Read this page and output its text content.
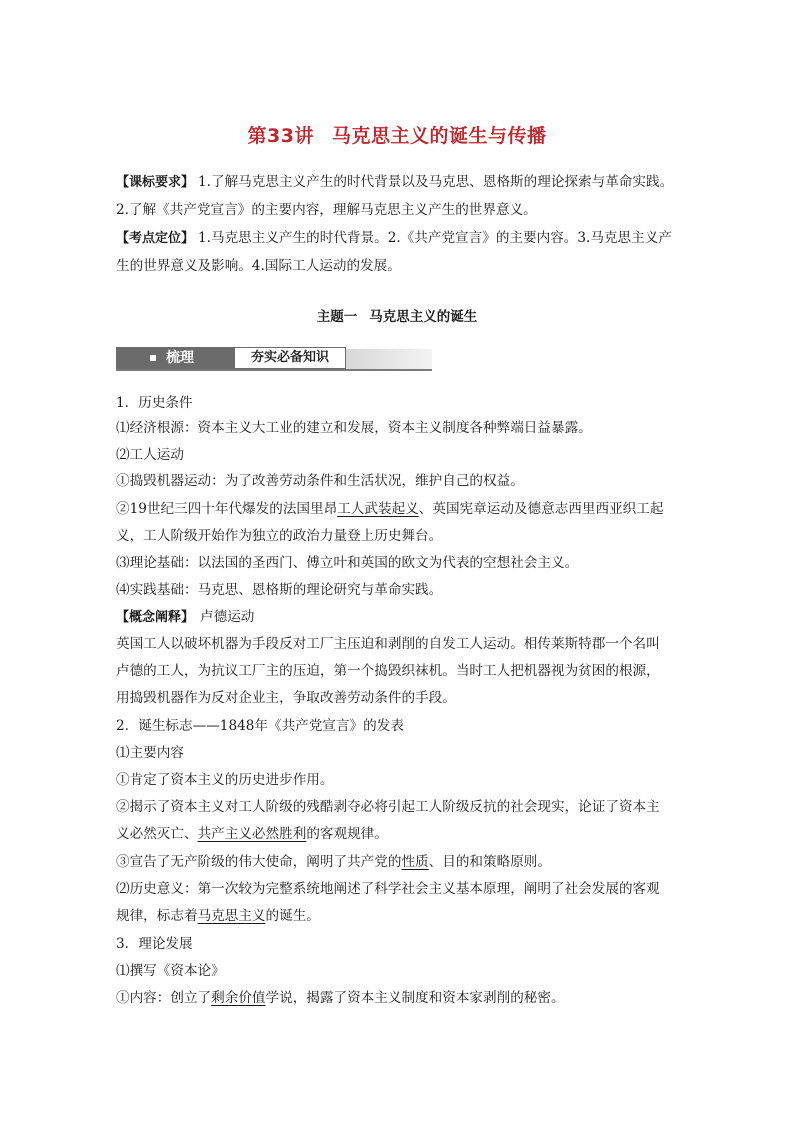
第33讲 马克思主义的诞生与传播
【课标要求】 1.了解马克思主义产生的时代背景以及马克思、恩格斯的理论探索与革命实践。
2.了解《共产党宣言》的主要内容，理解马克思主义产生的世界意义。
【考点定位】 1.马克思主义产生的时代背景。2.《共产党宣言》的主要内容。3.马克思主义产
生的世界意义及影响。4.国际工人运动的发展。
主题一 马克思主义的诞生
梳理	夯实必备知识
1．历史条件
⑴经济根源：资本主义大工业的建立和发展，资本主义制度各种弊端日益暴露。
⑵工人运动
①捣毁机器运动：为了改善劳动条件和生活状况，维护自己的权益。
②19世纪三四十年代爆发的法国里昂工人武装起义、英国宪章运动及德意志西里西亚织工起
义，工人阶级开始作为独立的政治力量登上历史舞台。
⑶理论基础：以法国的圣西门、傅立叶和英国的欧文为代表的空想社会主义。
⑷实践基础：马克思、恩格斯的理论研究与革命实践。
【概念阐释】 卢德运动
英国工人以破坏机器为手段反对工厂主压迫和剥削的自发工人运动。相传莱斯特郡一个名叫
卢德的工人，为抗议工厂主的压迫，第一个捣毁织袜机。当时工人把机器视为贫困的根源，
用捣毁机器作为反对企业主，争取改善劳动条件的手段。
2．诞生标志——1848年《共产党宣言》的发表
⑴主要内容
①肯定了资本主义的历史进步作用。
②揭示了资本主义对工人阶级的残酷剥夺必将引起工人阶级反抗的社会现实，论证了资本主
义必然灭亡、共产主义必然胜利的客观规律。
③宣告了无产阶级的伟大使命，阐明了共产党的性质、目的和策略原则。
⑵历史意义：第一次较为完整系统地阐述了科学社会主义基本原理，阐明了社会发展的客观
规律，标志着马克思主义的诞生。
3．理论发展
⑴撰写《资本论》
①内容：创立了剩余价值学说，揭露了资本主义制度和资本家剥削的秘密。
